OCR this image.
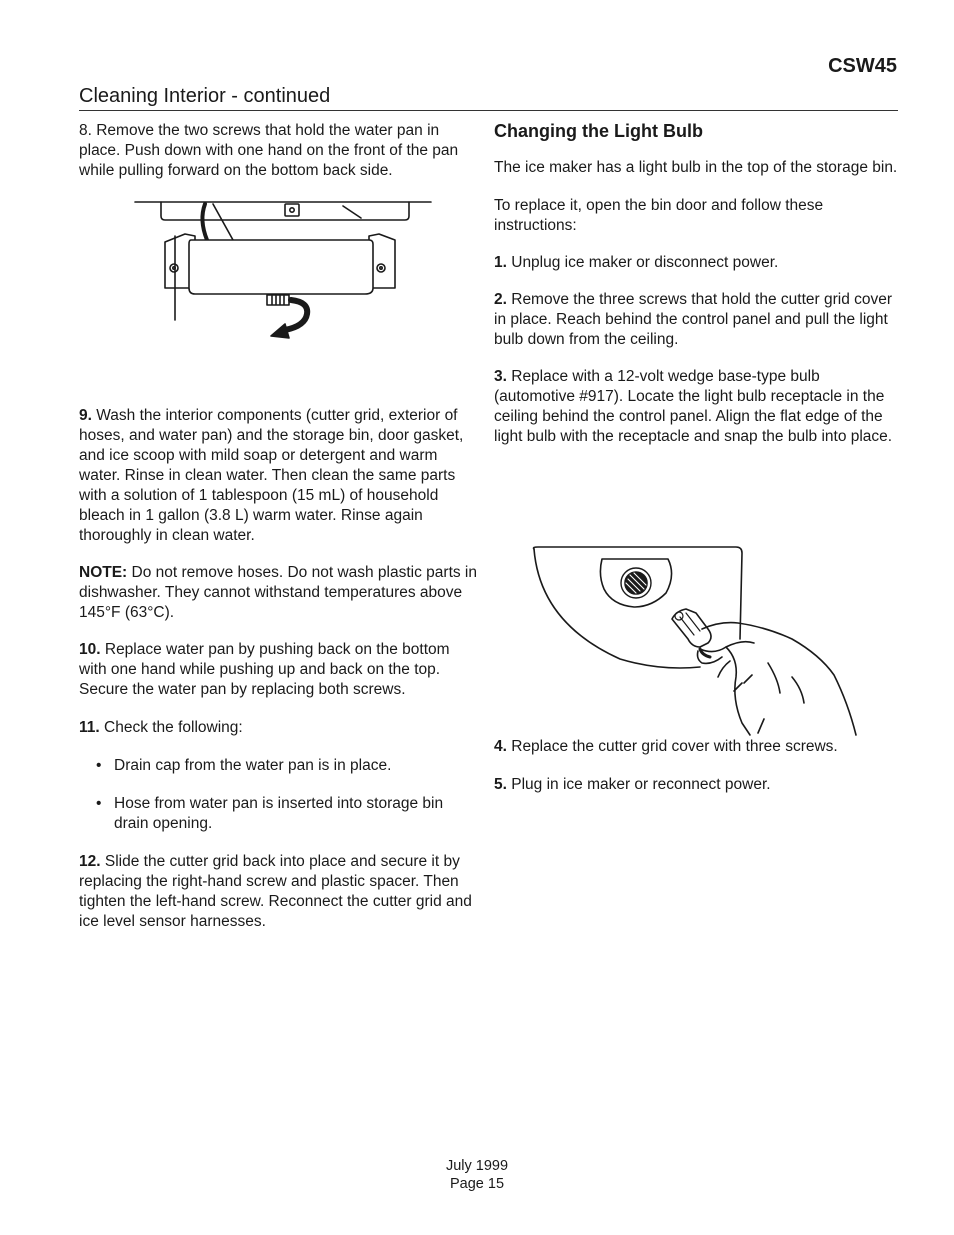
CSW45
Cleaning Interior - continued

8. Remove the two screws that hold the water pan in place. Push down with one hand on the front of the pan while pulling forward on the bottom back side.

9. Wash the interior components (cutter grid, exterior of hoses, and water pan) and the storage bin, door gasket, and ice scoop with mild soap or detergent and warm water. Rinse in clean water. Then clean the same parts with a solution of 1 tablespoon (15 mL) of household bleach in 1 gallon (3.8 L) warm water. Rinse again thoroughly in clean water.

NOTE: Do not remove hoses. Do not wash plastic parts in dishwasher. They cannot withstand temperatures above 145°F (63°C).

10. Replace water pan by pushing back on the bottom with one hand while pushing up and back on the top. Secure the water pan by replacing both screws.

11. Check the following:

• Drain cap from the water pan is in place.

• Hose from water pan is inserted into storage bin drain opening.

12. Slide the cutter grid back into place and secure it by replacing the right-hand screw and plastic spacer. Then tighten the left-hand screw. Reconnect the cutter grid and ice level sensor harnesses.

Changing the Light Bulb

The ice maker has a light bulb in the top of the storage bin.

To replace it, open the bin door and follow these instructions:

1. Unplug ice maker or disconnect power.

2. Remove the three screws that hold the cutter grid cover in place. Reach behind the control panel and pull the light bulb down from the ceiling.

3. Replace with a 12-volt wedge base-type bulb (automotive #917). Locate the light bulb receptacle in the ceiling behind the control panel. Align the flat edge of the light bulb with the receptacle and snap the bulb into place.

4. Replace the cutter grid cover with three screws.

5. Plug in ice maker or reconnect power.

July 1999
Page 15
